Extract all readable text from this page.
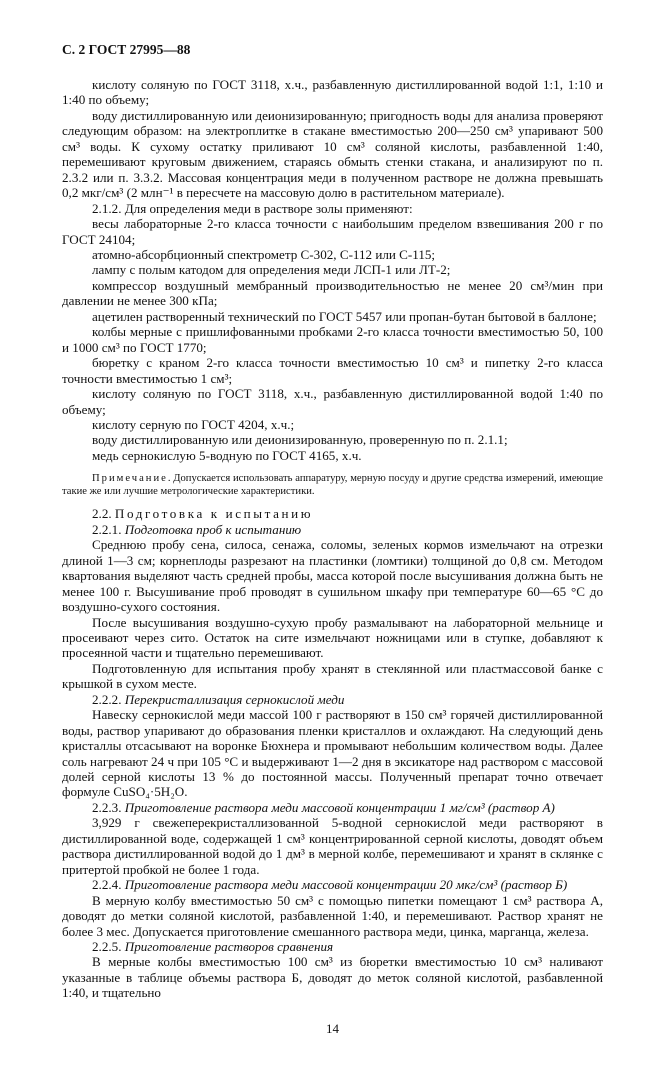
С. 2 ГОСТ 27995—88
кислоту соляную по ГОСТ 3118, х.ч., разбавленную дистиллированной водой 1:1, 1:10 и 1:40 по объему;
воду дистиллированную или деионизированную; пригодность воды для анализа проверяют следующим образом: на электроплитке в стакане вместимостью 200—250 см³ упаривают 500 см³ воды. К сухому остатку приливают 10 см³ соляной кислоты, разбавленной 1:40, перемешивают круговым движением, стараясь обмыть стенки стакана, и анализируют по п. 2.3.2 или п. 3.3.2. Массовая концентрация меди в полученном растворе не должна превышать 0,2 мкг/см³ (2 млн⁻¹ в пересчете на массовую долю в растительном материале).
2.1.2. Для определения меди в растворе золы применяют:
весы лабораторные 2-го класса точности с наибольшим пределом взвешивания 200 г по ГОСТ 24104;
атомно-абсорбционный спектрометр С-302, С-112 или С-115;
лампу с полым катодом для определения меди ЛСП-1 или ЛТ-2;
компрессор воздушный мембранный производительностью не менее 20 см³/мин при давлении не менее 300 кПа;
ацетилен растворенный технический по ГОСТ 5457 или пропан-бутан бытовой в баллоне;
колбы мерные с пришлифованными пробками 2-го класса точности вместимостью 50, 100 и 1000 см³ по ГОСТ 1770;
бюретку с краном 2-го класса точности вместимостью 10 см³ и пипетку 2-го класса точности вместимостью 1 см³;
кислоту соляную по ГОСТ 3118, х.ч., разбавленную дистиллированной водой 1:40 по объему;
кислоту серную по ГОСТ 4204, х.ч.;
воду дистиллированную или деионизированную, проверенную по п. 2.1.1;
медь сернокислую 5-водную по ГОСТ 4165, х.ч.
Примечание. Допускается использовать аппаратуру, мерную посуду и другие средства измерений, имеющие такие же или лучшие метрологические характеристики.
2.2. Подготовка к испытанию
2.2.1. Подготовка проб к испытанию
Среднюю пробу сена, силоса, сенажа, соломы, зеленых кормов измельчают на отрезки длиной 1—3 см; корнеплоды разрезают на пластинки (ломтики) толщиной до 0,8 см. Методом квартования выделяют часть средней пробы, масса которой после высушивания должна быть не менее 100 г. Высушивание проб проводят в сушильном шкафу при температуре 60—65 °С до воздушно-сухого состояния.
После высушивания воздушно-сухую пробу размалывают на лабораторной мельнице и просеивают через сито. Остаток на сите измельчают ножницами или в ступке, добавляют к просеянной части и тщательно перемешивают.
Подготовленную для испытания пробу хранят в стеклянной или пластмассовой банке с крышкой в сухом месте.
2.2.2. Перекристаллизация сернокислой меди
Навеску сернокислой меди массой 100 г растворяют в 150 см³ горячей дистиллированной воды, раствор упаривают до образования пленки кристаллов и охлаждают. На следующий день кристаллы отсасывают на воронке Бюхнера и промывают небольшим количеством воды. Далее соль нагревают 24 ч при 105 °С и выдерживают 1—2 дня в эксикаторе над раствором с массовой долей серной кислоты 13 % до постоянной массы. Полученный препарат точно отвечает формуле CuSO₄·5H₂O.
2.2.3. Приготовление раствора меди массовой концентрации 1 мг/см³ (раствор А)
3,929 г свежеперекристаллизованной 5-водной сернокислой меди растворяют в дистиллированной воде, содержащей 1 см³ концентрированной серной кислоты, доводят объем раствора дистиллированной водой до 1 дм³ в мерной колбе, перемешивают и хранят в склянке с притертой пробкой не более 1 года.
2.2.4. Приготовление раствора меди массовой концентрации 20 мкг/см³ (раствор Б)
В мерную колбу вместимостью 50 см³ с помощью пипетки помещают 1 см³ раствора А, доводят до метки соляной кислотой, разбавленной 1:40, и перемешивают. Раствор хранят не более 3 мес. Допускается приготовление смешанного раствора меди, цинка, марганца, железа.
2.2.5. Приготовление растворов сравнения
В мерные колбы вместимостью 100 см³ из бюретки вместимостью 10 см³ наливают указанные в таблице объемы раствора Б, доводят до меток соляной кислотой, разбавленной 1:40, и тщательно
14
